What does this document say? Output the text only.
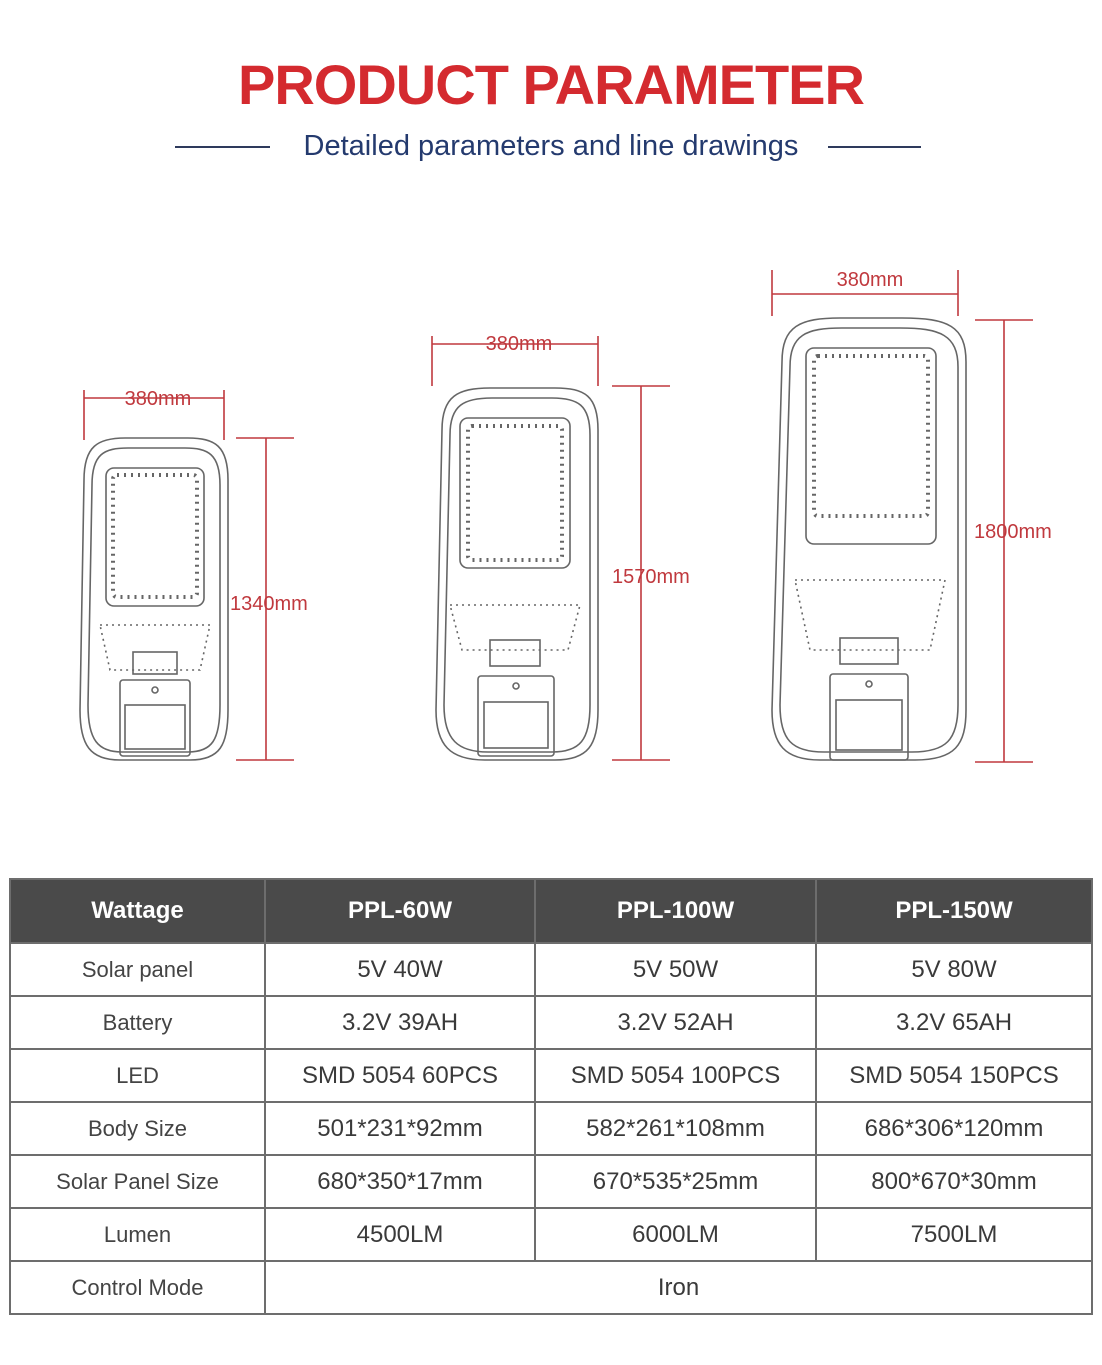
PRODUCT PARAMETER
Detailed parameters and line drawings
380mm
1340mm
380mm
1570mm
380mm
1800mm
Wattage	PPL-60W	PPL-100W	PPL-150W
Solar panel	5V 40W	5V 50W	5V 80W
Battery	3.2V 39AH	3.2V 52AH	3.2V 65AH
LED	SMD 5054 60PCS	SMD 5054 100PCS	SMD 5054 150PCS
Body Size	501*231*92mm	582*261*108mm	686*306*120mm
Solar Panel Size	680*350*17mm	670*535*25mm	800*670*30mm
Lumen	4500LM	6000LM	7500LM
Control Mode	Iron		
